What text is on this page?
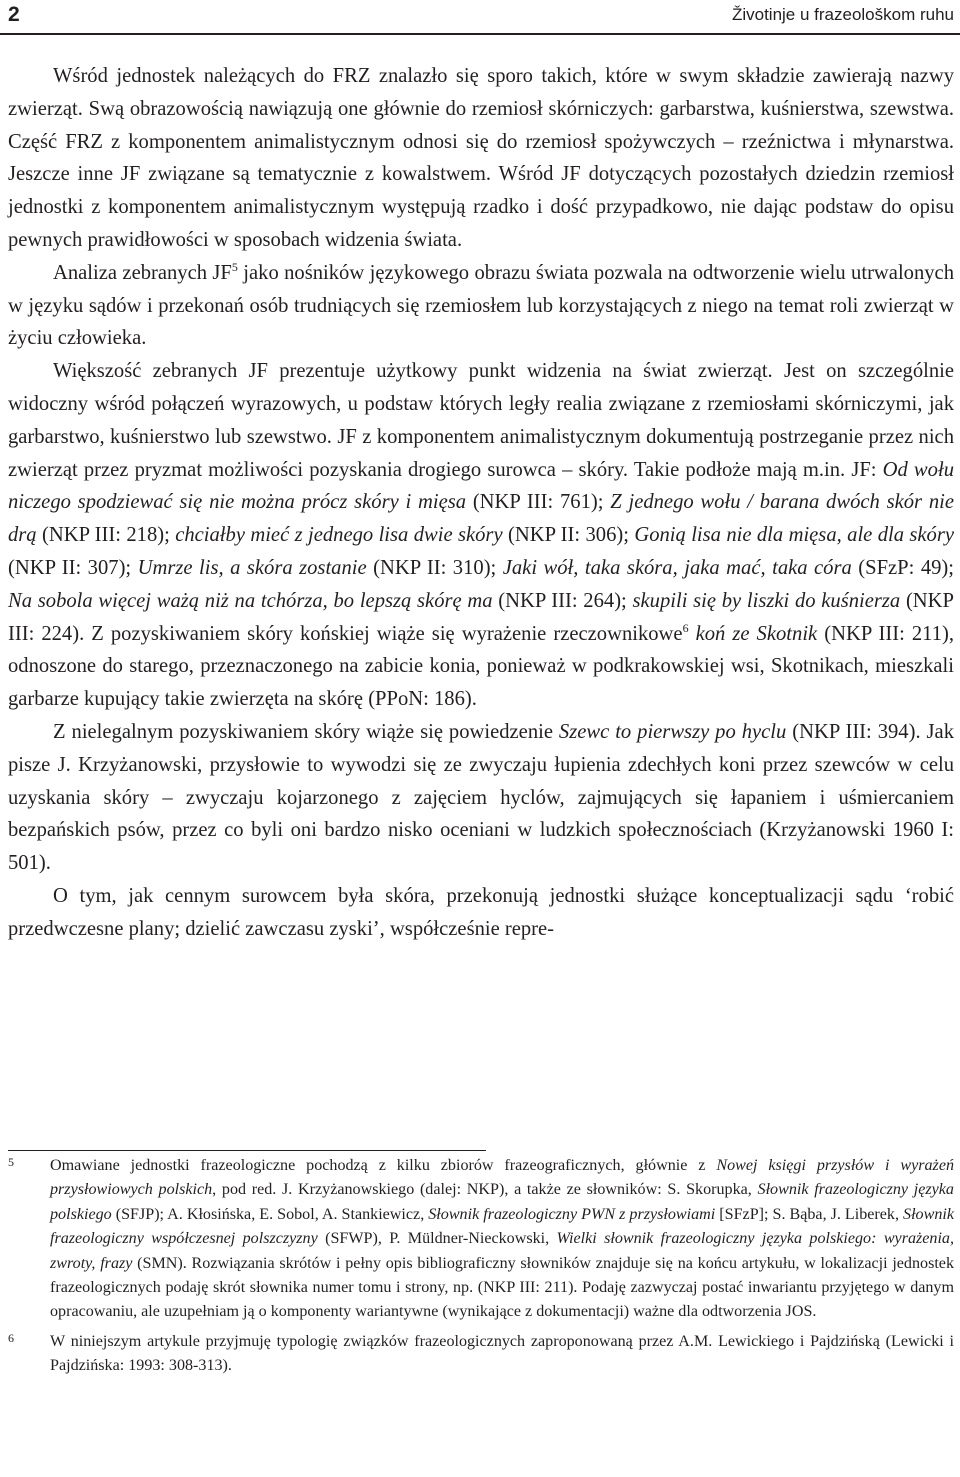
2	Životinje u frazeološkom ruhu

Wśród jednostek należących do FRZ znalazło się sporo takich, które w swym składzie zawierają nazwy zwierząt. Swą obrazowością nawiązują one głównie do rzemiosł skórniczych: garbarstwa, kuśnierstwa, szewstwa. Część FRZ z komponentem animalistycznym odnosi się do rzemiosł spożywczych – rzeźnictwa i młynarstwa. Jeszcze inne JF związane są tematycznie z kowalstwem. Wśród JF dotyczących pozostałych dziedzin rzemiosł jednostki z komponentem animalistycznym występują rzadko i dość przypadkowo, nie dając podstaw do opisu pewnych prawidłowości w sposobach widzenia świata.

Analiza zebranych $JF^5$ jako nośników językowego obrazu świata pozwala na odtworzenie wielu utrwalonych w języku sądów i przekonań osób trudniących się rzemiosłem lub korzystających z niego na temat roli zwierząt w życiu człowieka.

Większość zebranych JF prezentuje użytkowy punkt widzenia na świat zwierząt. Jest on szczególnie widoczny wśród połączeń wyrazowych, u podstaw których legły realia związane z rzemiosłami skórniczymi, jak garbarstwo, kuśnierstwo lub szewstwo. JF z komponentem animalistycznym dokumentują postrzeganie przez nich zwierząt przez pryzmat możliwości pozyskania drogiego surowca – skóry. Takie podłoże mają m.in. JF: Od wołu niczego spodziewać się nie można prócz skóry i mięsa (NKP III: 761); Z jednego wołu / barana dwóch skór nie drą (NKP III: 218); chciałby mieć z jednego lisa dwie skóry (NKP II: 306); Gonią lisa nie dla mięsa, ale dla skóry (NKP II: 307); Umrze lis, a skóra zostanie (NKP II: 310); Jaki wół, taka skóra, jaka mać, taka córa (SFzP: 49); Na sobola więcej ważą niż na tchórza, bo lepszą skórę ma (NKP III: 264); skupili się by liszki do kuśnierza (NKP III: 224). Z pozyskiwaniem skóry końskiej wiąże się wyrażenie rzeczownikowe$^6$ koń ze Skotnik (NKP III: 211), odnoszone do starego, przeznaczonego na zabicie konia, ponieważ w podkrakowskiej wsi, Skotnikach, mieszkali garbarze kupujący takie zwierzęta na skórę (PPoN: 186).

Z nielegalnym pozyskiwaniem skóry wiąże się powiedzenie Szewc to pierwszy po hyclu (NKP III: 394). Jak pisze J. Krzyżanowski, przysłowie to wywodzi się ze zwyczaju łupienia zdechłych koni przez szewców w celu uzyskania skóry – zwyczaju kojarzonego z zajęciem hyclów, zajmujących się łapaniem i uśmiercaniem bezpańskich psów, przez co byli oni bardzo nisko oceniani w ludzkich społecznościach (Krzyżanowski 1960 I: 501).

O tym, jak cennym surowcem była skóra, przekonują jednostki służące konceptualizacji sądu ‘robić przedwczesne plany; dzielić zawczasu zyski’, współcześnie repre-

5 Omawiane jednostki frazeologiczne pochodzą z kilku zbiorów frazeograficznych, głównie z Nowej księgi przysłów i wyrażeń przysłowiowych polskich, pod red. J. Krzyżanowskiego (dalej: NKP), a także ze słowników: S. Skorupka, Słownik frazeologiczny języka polskiego (SFJP); A. Kłosińska, E. Sobol, A. Stankiewicz, Słownik frazeologiczny PWN z przysłowiami [SFzP]; S. Bąba, J. Liberek, Słownik frazeologiczny współczesnej polszczyzny (SFWP), P. Müldner-Nieckowski, Wielki słownik frazeologiczny języka polskiego: wyrażenia, zwroty, frazy (SMN). Rozwiązania skrótów i pełny opis bibliograficzny słowników znajduje się na końcu artykułu, w lokalizacji jednostek frazeologicznych podaję skrót słownika numer tomu i strony, np. (NKP III: 211). Podaję zazwyczaj postać inwariantu przyjętego w danym opracowaniu, ale uzupełniam ją o komponenty wariantywne (wynikające z dokumentacji) ważne dla odtworzenia JOS.
6 W niniejszym artykule przyjmuję typologię związków frazeologicznych zaproponowaną przez A.M. Lewickiego i Pajdzińską (Lewicki i Pajdzińska: 1993: 308-313).
